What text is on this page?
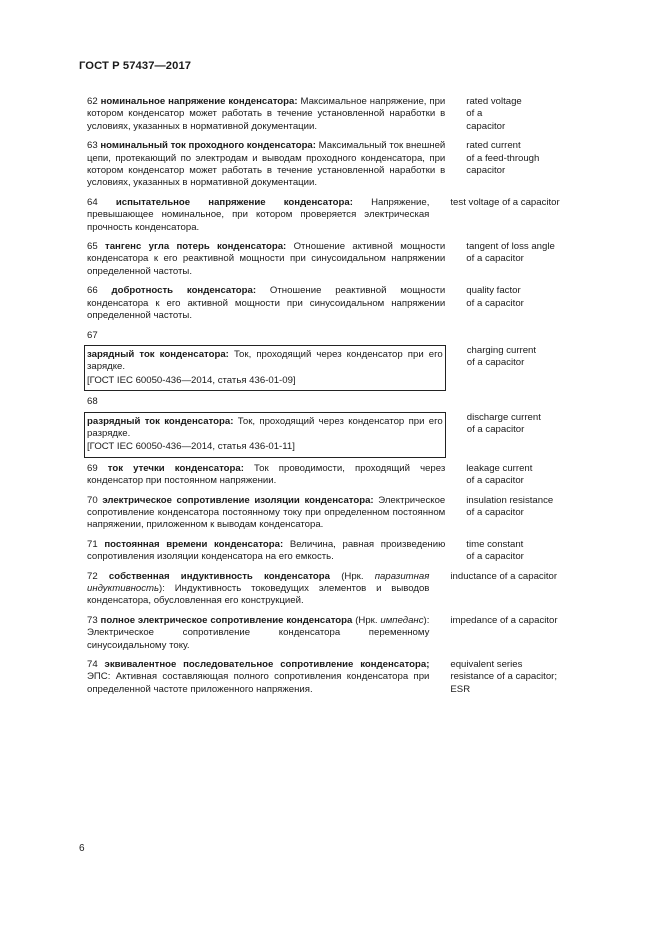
ГОСТ Р 57437—2017
62 номинальное напряжение конденсатора: Максимальное напряжение, при котором конденсатор может работать в течение установленной наработки в условиях, указанных в нормативной документации.
rated voltage
of a
capacitor
63 номинальный ток проходного конденсатора: Максимальный ток внешней цепи, протекающий по электродам и выводам проходного конденсатора, при котором конденсатор может работать в течение установленной наработки в условиях, указанных в нормативной документации.
rated current
of a feed-through
capacitor
64 испытательное напряжение конденсатора: Напряжение, превышающее номинальное, при котором проверяется электрическая прочность конденсатора.
test voltage of a capacitor
65 тангенс угла потерь конденсатора: Отношение активной мощности конденсатора к его реактивной мощности при синусоидальном напряжении определенной частоты.
tangent of loss angle
of a capacitor
66 добротность конденсатора: Отношение реактивной мощности конденсатора к его активной мощности при синусоидальном напряжении определенной частоты.
quality factor
of a capacitor
67
зарядный ток конденсатора: Ток, проходящий через конденсатор при его зарядке.
[ГОСТ IEC 60050-436—2014, статья 436-01-09]
charging current
of a capacitor
68
разрядный ток конденсатора: Ток, проходящий через конденсатор при его разрядке.
[ГОСТ IEC 60050-436—2014, статья 436-01-11]
discharge current
of a capacitor
69 ток утечки конденсатора: Ток проводимости, проходящий через конденсатор при постоянном напряжении.
leakage current
of a capacitor
70 электрическое сопротивление изоляции конденсатора: Электрическое сопротивление конденсатора постоянному току при определенном постоянном напряжении, приложенном к выводам конденсатора.
insulation resistance
of a capacitor
71 постоянная времени конденсатора: Величина, равная произведению сопротивления изоляции конденсатора на его емкость.
time constant
of a capacitor
72 собственная индуктивность конденсатора (Нрк. паразитная индуктивность): Индуктивность токоведущих элементов и выводов конденсатора, обусловленная его конструкцией.
inductance of a capacitor
73 полное электрическое сопротивление конденсатора (Нрк. импеданс): Электрическое сопротивление конденсатора переменному синусоидальному току.
impedance of a capacitor
74 эквивалентное последовательное сопротивление конденсатора; ЭПС: Активная составляющая полного сопротивления конденсатора при определенной частоте приложенного напряжения.
equivalent series
resistance of a capacitor;
ESR
6
